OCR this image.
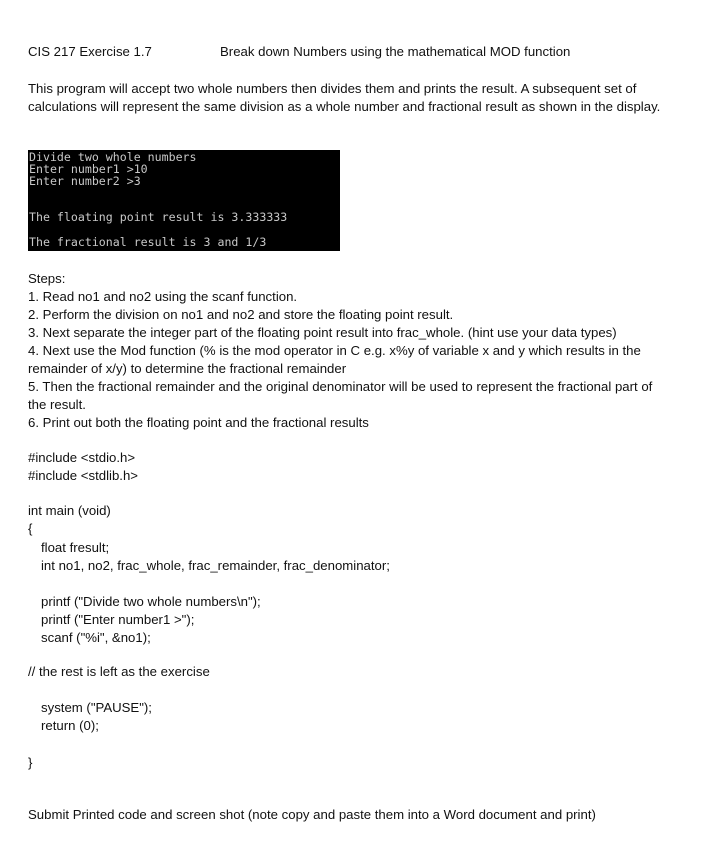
CIS 217 Exercise 1.7	Break down Numbers using the mathematical MOD function
This program will accept two whole numbers then divides them and prints the result. A subsequent set of calculations will represent the same division as a whole number and fractional result as shown in the display.
Divide two whole numbers
Enter number1 >10
Enter number2 >3
The floating point result is 3.333333
The fractional result is 3 and 1/3
Steps:
1. Read no1 and no2 using the scanf function.
2. Perform the division on no1 and no2 and store the floating point result.
3. Next separate the integer part of the floating point result into frac_whole. (hint use your data types)
4. Next use the Mod function (% is the mod operator in C e.g. x%y of variable x and y which results in the remainder of x/y) to determine the fractional remainder
5. Then the fractional remainder and the original denominator will be used to represent the fractional part of the result.
6. Print out both the floating point and the fractional results
#include <stdio.h>
#include <stdlib.h>
int main (void)
{
float fresult;
int no1, no2, frac_whole, frac_remainder, frac_denominator;
printf ("Divide two whole numbers\n");
printf ("Enter number1 >");
scanf ("%i", &no1);
// the rest is left as the exercise
system ("PAUSE");
return (0);
}
Submit Printed code and screen shot (note copy and paste them into a Word document and print)
